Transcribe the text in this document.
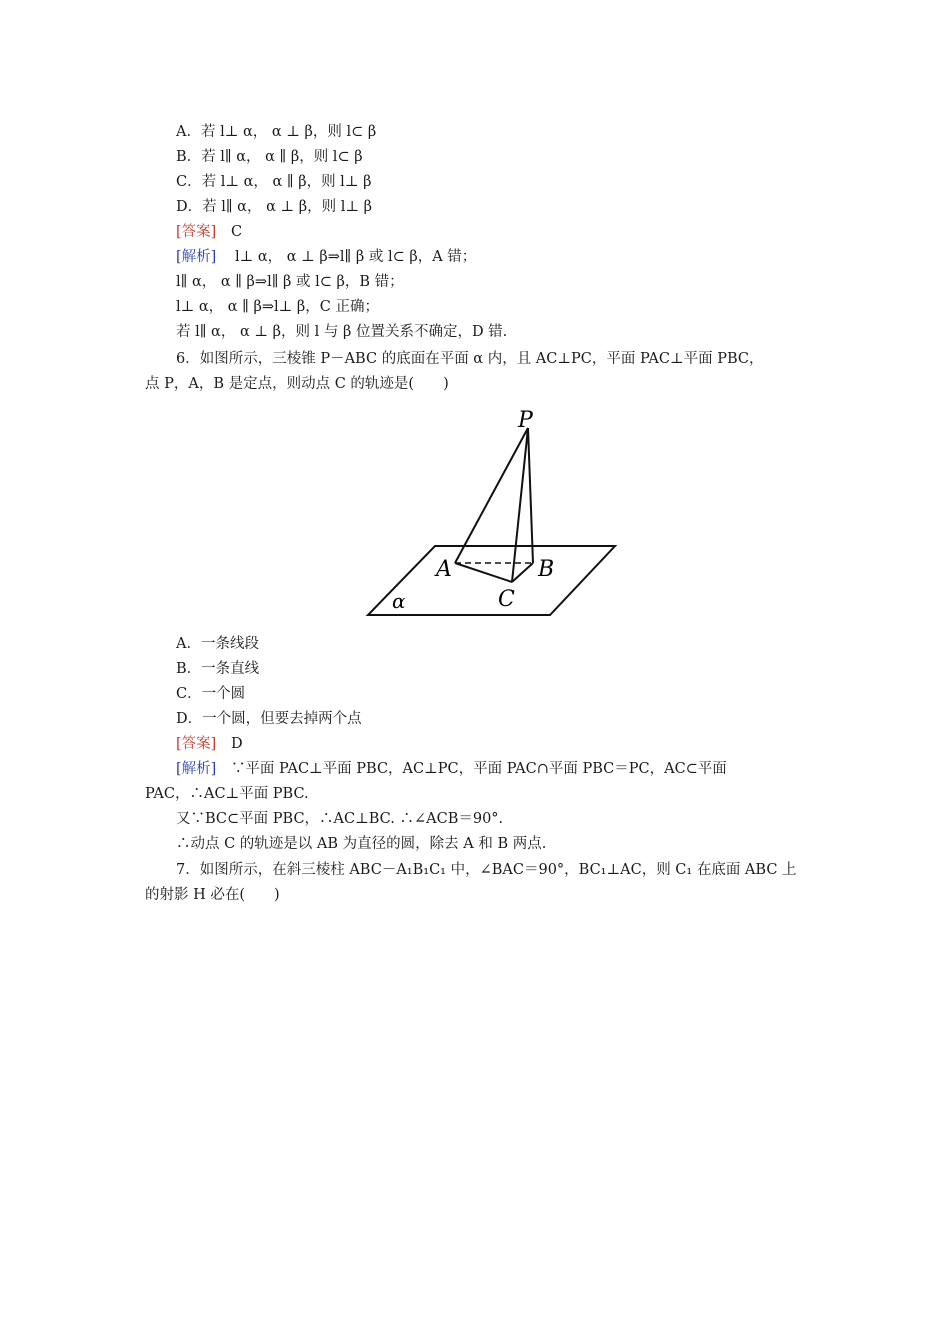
A．若 l⊥ α， α ⊥ β，则 l⊂ β
B．若 l∥ α， α ∥ β，则 l⊂ β
C．若 l⊥ α， α ∥ β，则 l⊥ β
D．若 l∥ α， α ⊥ β，则 l⊥ β
[答案] C
[解析] l⊥ α， α ⊥ β⇒l∥ β 或 l⊂ β，A 错；
l∥ α， α ∥ β⇒l∥ β 或 l⊂ β，B 错；
l⊥ α， α ∥ β⇒l⊥ β，C 正确；
若 l∥ α， α ⊥ β，则 l 与 β 位置关系不确定，D 错.
6．如图所示，三棱锥 P－ABC 的底面在平面 α 内，且 AC⊥PC，平面 PAC⊥平面 PBC，
点 P，A，B 是定点，则动点 C 的轨迹是(　　)
P
A	B
C
α
A．一条线段
B．一条直线
C．一个圆
D．一个圆，但要去掉两个点
[答案] D
[解析] ∵平面 PAC⊥平面 PBC，AC⊥PC，平面 PAC∩平面 PBC＝PC，AC⊂平面
PAC，∴AC⊥平面 PBC.
又∵BC⊂平面 PBC，∴AC⊥BC. ∴∠ACB＝90°.
∴动点 C 的轨迹是以 AB 为直径的圆，除去 A 和 B 两点.
7．如图所示，在斜三棱柱 ABC－A₁B₁C₁ 中，∠BAC＝90°，BC₁⊥AC，则 C₁ 在底面 ABC 上
的射影 H 必在(　　)
